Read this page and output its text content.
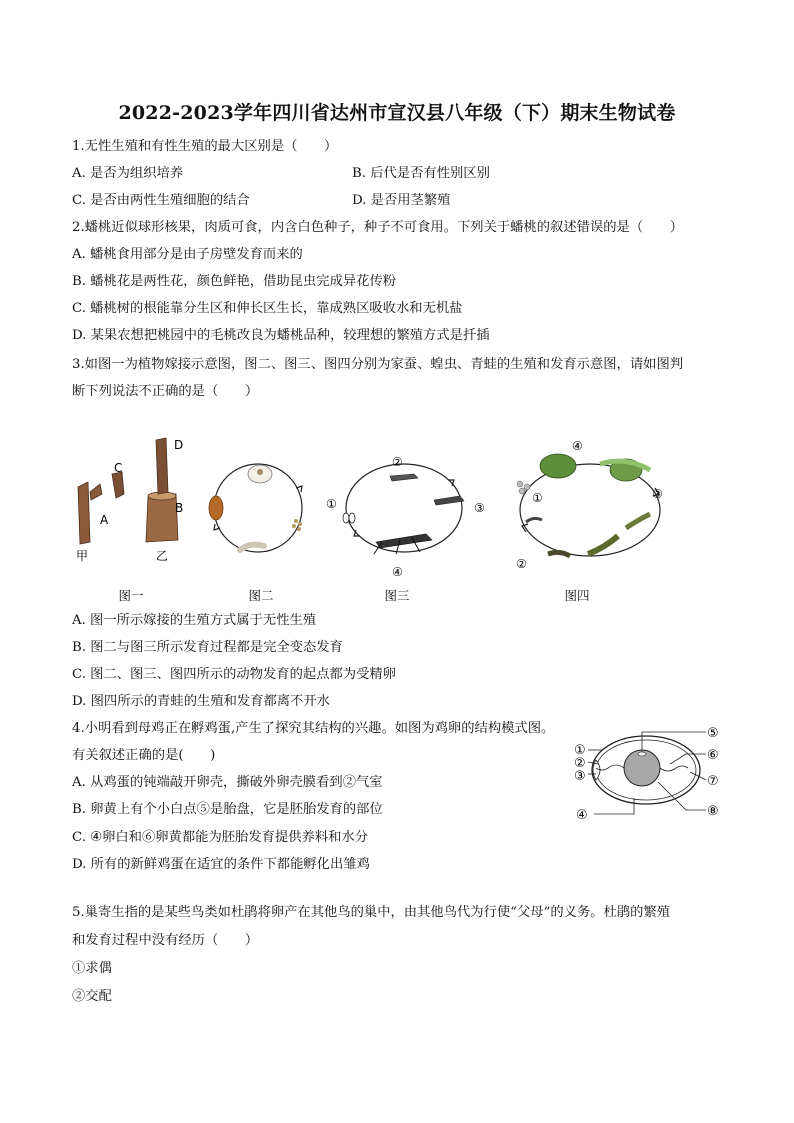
2022-2023学年四川省达州市宣汉县八年级（下）期末生物试卷
1.无性生殖和有性生殖的最大区别是（　　）
A. 是否为组织培养	B. 后代是否有性别区别
C. 是否由两性生殖细胞的结合	D. 是否用茎繁殖
2.蟠桃近似球形核果，肉质可食，内含白色种子，种子不可食用。下列关于蟠桃的叙述错误的是（　　）
A. 蟠桃食用部分是由子房壁发育而来的
B. 蟠桃花是两性花，颜色鲜艳，借助昆虫完成异花传粉
C. 蟠桃树的根能靠分生区和伸长区生长，靠成熟区吸收水和无机盐
D. 某果农想把桃园中的毛桃改良为蟠桃品种，较理想的繁殖方式是扦插
3.如图一为植物嫁接示意图，图二、图三、图四分别为家蚕、蝗虫、青蛙的生殖和发育示意图，请如图判
断下列说法不正确的是（　　）
D
C
A
B
甲	乙
①
②
③
④
④
①
②
③
图一	图二	图三	图四
A. 图一所示嫁接的生殖方式属于无性生殖
B. 图二与图三所示发育过程都是完全变态发育
C. 图二、图三、图四所示的动物发育的起点都为受精卵
D. 图四所示的青蛙的生殖和发育都离不开水
4.小明看到母鸡正在孵鸡蛋,产生了探究其结构的兴趣。如图为鸡卵的结构模式图。
有关叙述正确的是(　　)
A. 从鸡蛋的钝端敲开卵壳，撕破外卵壳膜看到②气室
B. 卵黄上有个小白点⑤是胎盘，它是胚胎发育的部位
C. ④卵白和⑥卵黄都能为胚胎发育提供养料和水分
D. 所有的新鲜鸡蛋在适宜的条件下都能孵化出雏鸡
①
②
③
④
⑤
⑥
⑦
⑧
5.巢寄生指的是某些鸟类如杜鹃将卵产在其他鸟的巢中，由其他鸟代为行使“父母”的义务。杜鹃的繁殖
和发育过程中没有经历（　　）
①求偶
②交配
